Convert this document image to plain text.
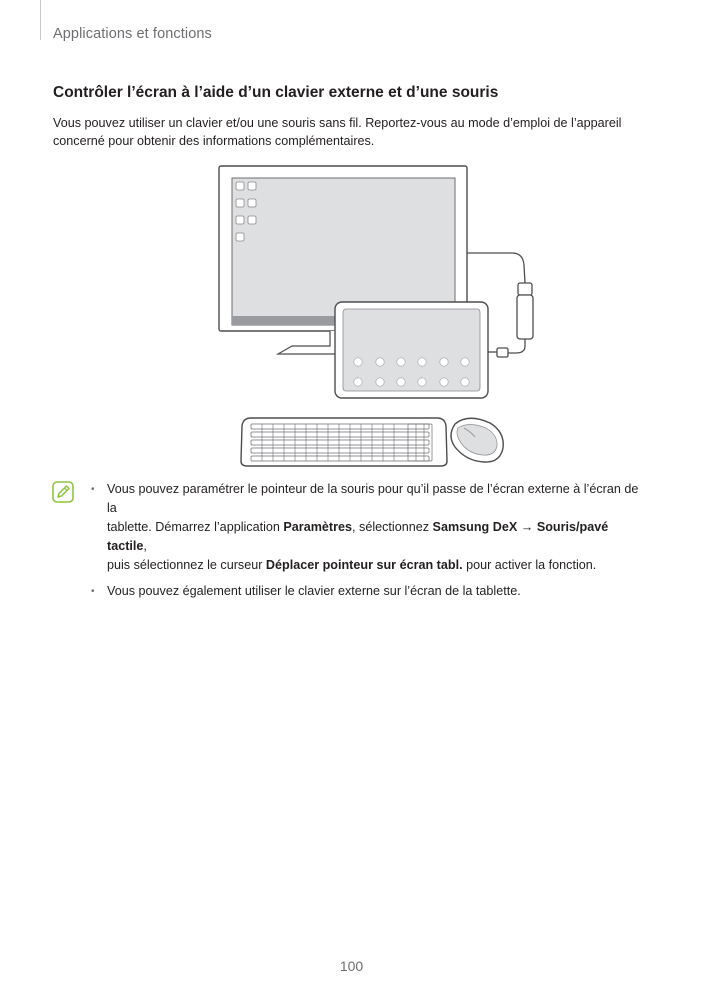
Applications et fonctions
Contrôler l’écran à l’aide d’un clavier externe et d’une souris
Vous pouvez utiliser un clavier et/ou une souris sans fil. Reportez-vous au mode d’emploi de l’appareil
concerné pour obtenir des informations complémentaires.
• Vous pouvez paramétrer le pointeur de la souris pour qu’il passe de l’écran externe à l’écran de la
tablette. Démarrez l’application Paramètres, sélectionnez Samsung DeX → Souris/pavé tactile,
puis sélectionnez le curseur Déplacer pointeur sur écran tabl. pour activer la fonction.
• Vous pouvez également utiliser le clavier externe sur l’écran de la tablette.
100
